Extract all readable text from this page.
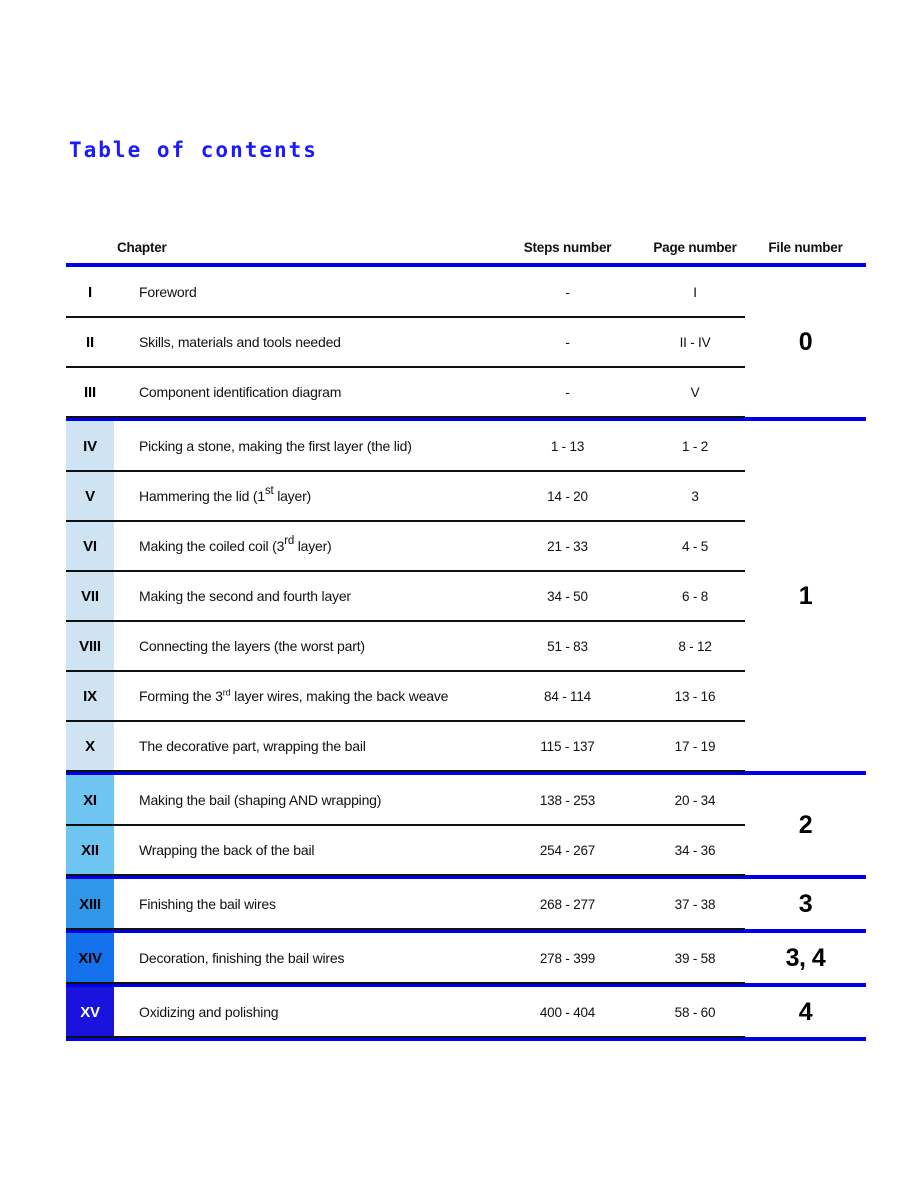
Table of contents
Chapter	Steps number	Page number	File number
I	Foreword	-	I
II	Skills, materials and tools needed	-	II - IV
III	Component identification diagram	-	V
0
IV	Picking a stone, making the first layer (the lid)	1 - 13	1 - 2
V	Hammering the lid (1st layer)	14 - 20	3
VI	Making the coiled coil (3rd layer)	21 - 33	4 - 5
VII	Making the second and fourth layer	34 - 50	6 - 8
VIII	Connecting the layers (the worst part)	51 - 83	8 - 12
IX	Forming the 3rd layer wires, making the back weave	84 - 114	13 - 16
X	The decorative part, wrapping the bail	115 - 137	17 - 19
1
XI	Making the bail (shaping AND wrapping)	138 - 253	20 - 34
XII	Wrapping the back of the bail	254 - 267	34 - 36
2
XIII	Finishing the bail wires	268 - 277	37 - 38	3
XIV	Decoration, finishing the bail wires	278 - 399	39 - 58	3, 4
XV	Oxidizing and polishing	400 - 404	58 - 60	4
